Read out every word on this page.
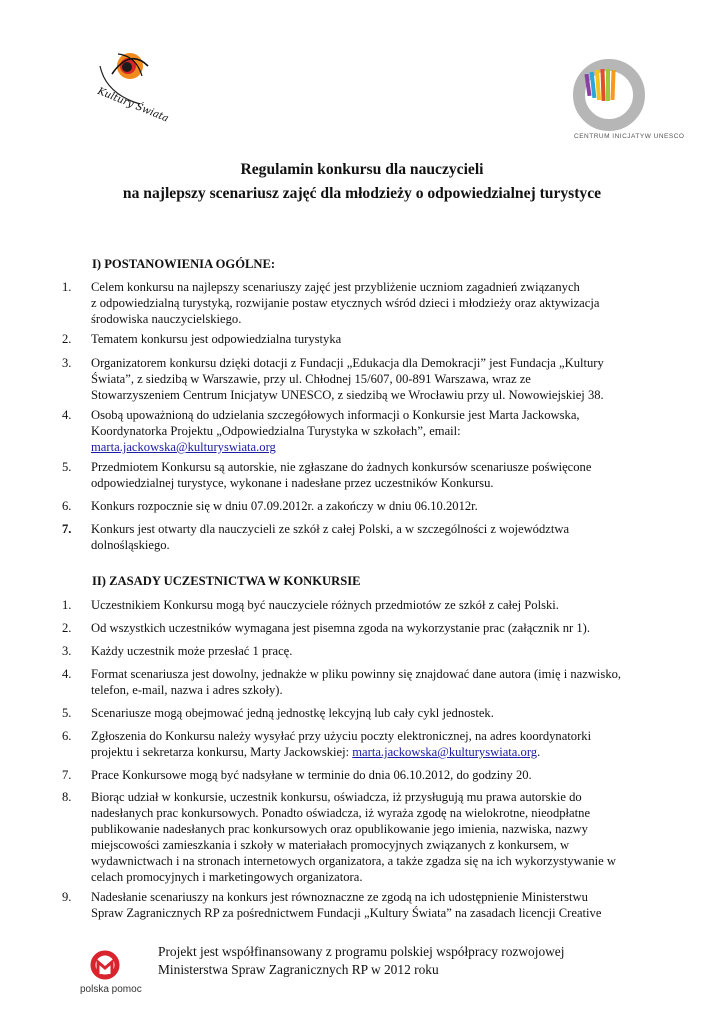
Kultury Świata
CENTRUM INICJATYW UNESCO
Regulamin konkursu dla nauczycieli
na najlepszy scenariusz zajęć dla młodzieży o odpowiedzialnej turystyce
I) POSTANOWIENIA OGÓLNE:
1.	Celem konkursu na najlepszy scenariuszy zajęć jest przybliżenie uczniom zagadnień związanych
z odpowiedzialną turystyką, rozwijanie postaw etycznych wśród dzieci i młodzieży oraz aktywizacja
środowiska nauczycielskiego.
2.	Tematem konkursu jest odpowiedzialna turystyka
3.	Organizatorem konkursu dzięki dotacji z Fundacji „Edukacja dla Demokracji” jest Fundacja „Kultury
Świata”, z siedzibą w Warszawie, przy ul. Chłodnej 15/607, 00-891 Warszawa, wraz ze
Stowarzyszeniem Centrum Inicjatyw UNESCO, z siedzibą we Wrocławiu przy ul. Nowowiejskiej 38.
4.	Osobą upoważnioną do udzielania szczegółowych informacji o Konkursie jest Marta Jackowska,
Koordynatorka Projektu „Odpowiedzialna Turystyka w szkołach”, email:
marta.jackowska@kulturyswiata.org
5.	Przedmiotem Konkursu są autorskie, nie zgłaszane do żadnych konkursów scenariusze poświęcone
odpowiedzialnej turystyce, wykonane i nadesłane przez uczestników Konkursu.
6.	Konkurs rozpocznie się w dniu 07.09.2012r. a zakończy w dniu 06.10.2012r.
7.	Konkurs jest otwarty dla nauczycieli ze szkół z całej Polski, a w szczególności z województwa
dolnośląskiego.
II) ZASADY UCZESTNICTWA W KONKURSIE
1.	Uczestnikiem Konkursu mogą być nauczyciele różnych przedmiotów ze szkół z całej Polski.
2.	Od wszystkich uczestników wymagana jest pisemna zgoda na wykorzystanie prac (załącznik nr 1).
3.	Każdy uczestnik może przesłać 1 pracę.
4.	Format scenariusza jest dowolny, jednakże w pliku powinny się znajdować dane autora (imię i nazwisko,
telefon, e-mail, nazwa i adres szkoły).
5.	Scenariusze mogą obejmować jedną jednostkę lekcyjną lub cały cykl jednostek.
6.	Zgłoszenia do Konkursu należy wysyłać przy użyciu poczty elektronicznej, na adres koordynatorki
projektu i sekretarza konkursu, Marty Jackowskiej: marta.jackowska@kulturyswiata.org.
7.	Prace Konkursowe mogą być nadsyłane w terminie do dnia 06.10.2012, do godziny 20.
8.	Biorąc udział w konkursie, uczestnik konkursu, oświadcza, iż przysługują mu prawa autorskie do
nadesłanych prac konkursowych. Ponadto oświadcza, iż wyraża zgodę na wielokrotne, nieodpłatne
publikowanie nadesłanych prac konkursowych oraz opublikowanie jego imienia, nazwiska, nazwy
miejscowości zamieszkania i szkoły w materiałach promocyjnych związanych z konkursem, w
wydawnictwach i na stronach internetowych organizatora, a także zgadza się na ich wykorzystywanie w
celach promocyjnych i marketingowych organizatora.
9.	Nadesłanie scenariuszy na konkurs jest równoznaczne ze zgodą na ich udostępnienie Ministerstwu
Spraw Zagranicznych RP za pośrednictwem Fundacji „Kultury Świata” na zasadach licencji Creative
polska pomoc
Projekt jest współfinansowany z programu polskiej współpracy rozwojowej
Ministerstwa Spraw Zagranicznych RP w 2012 roku
